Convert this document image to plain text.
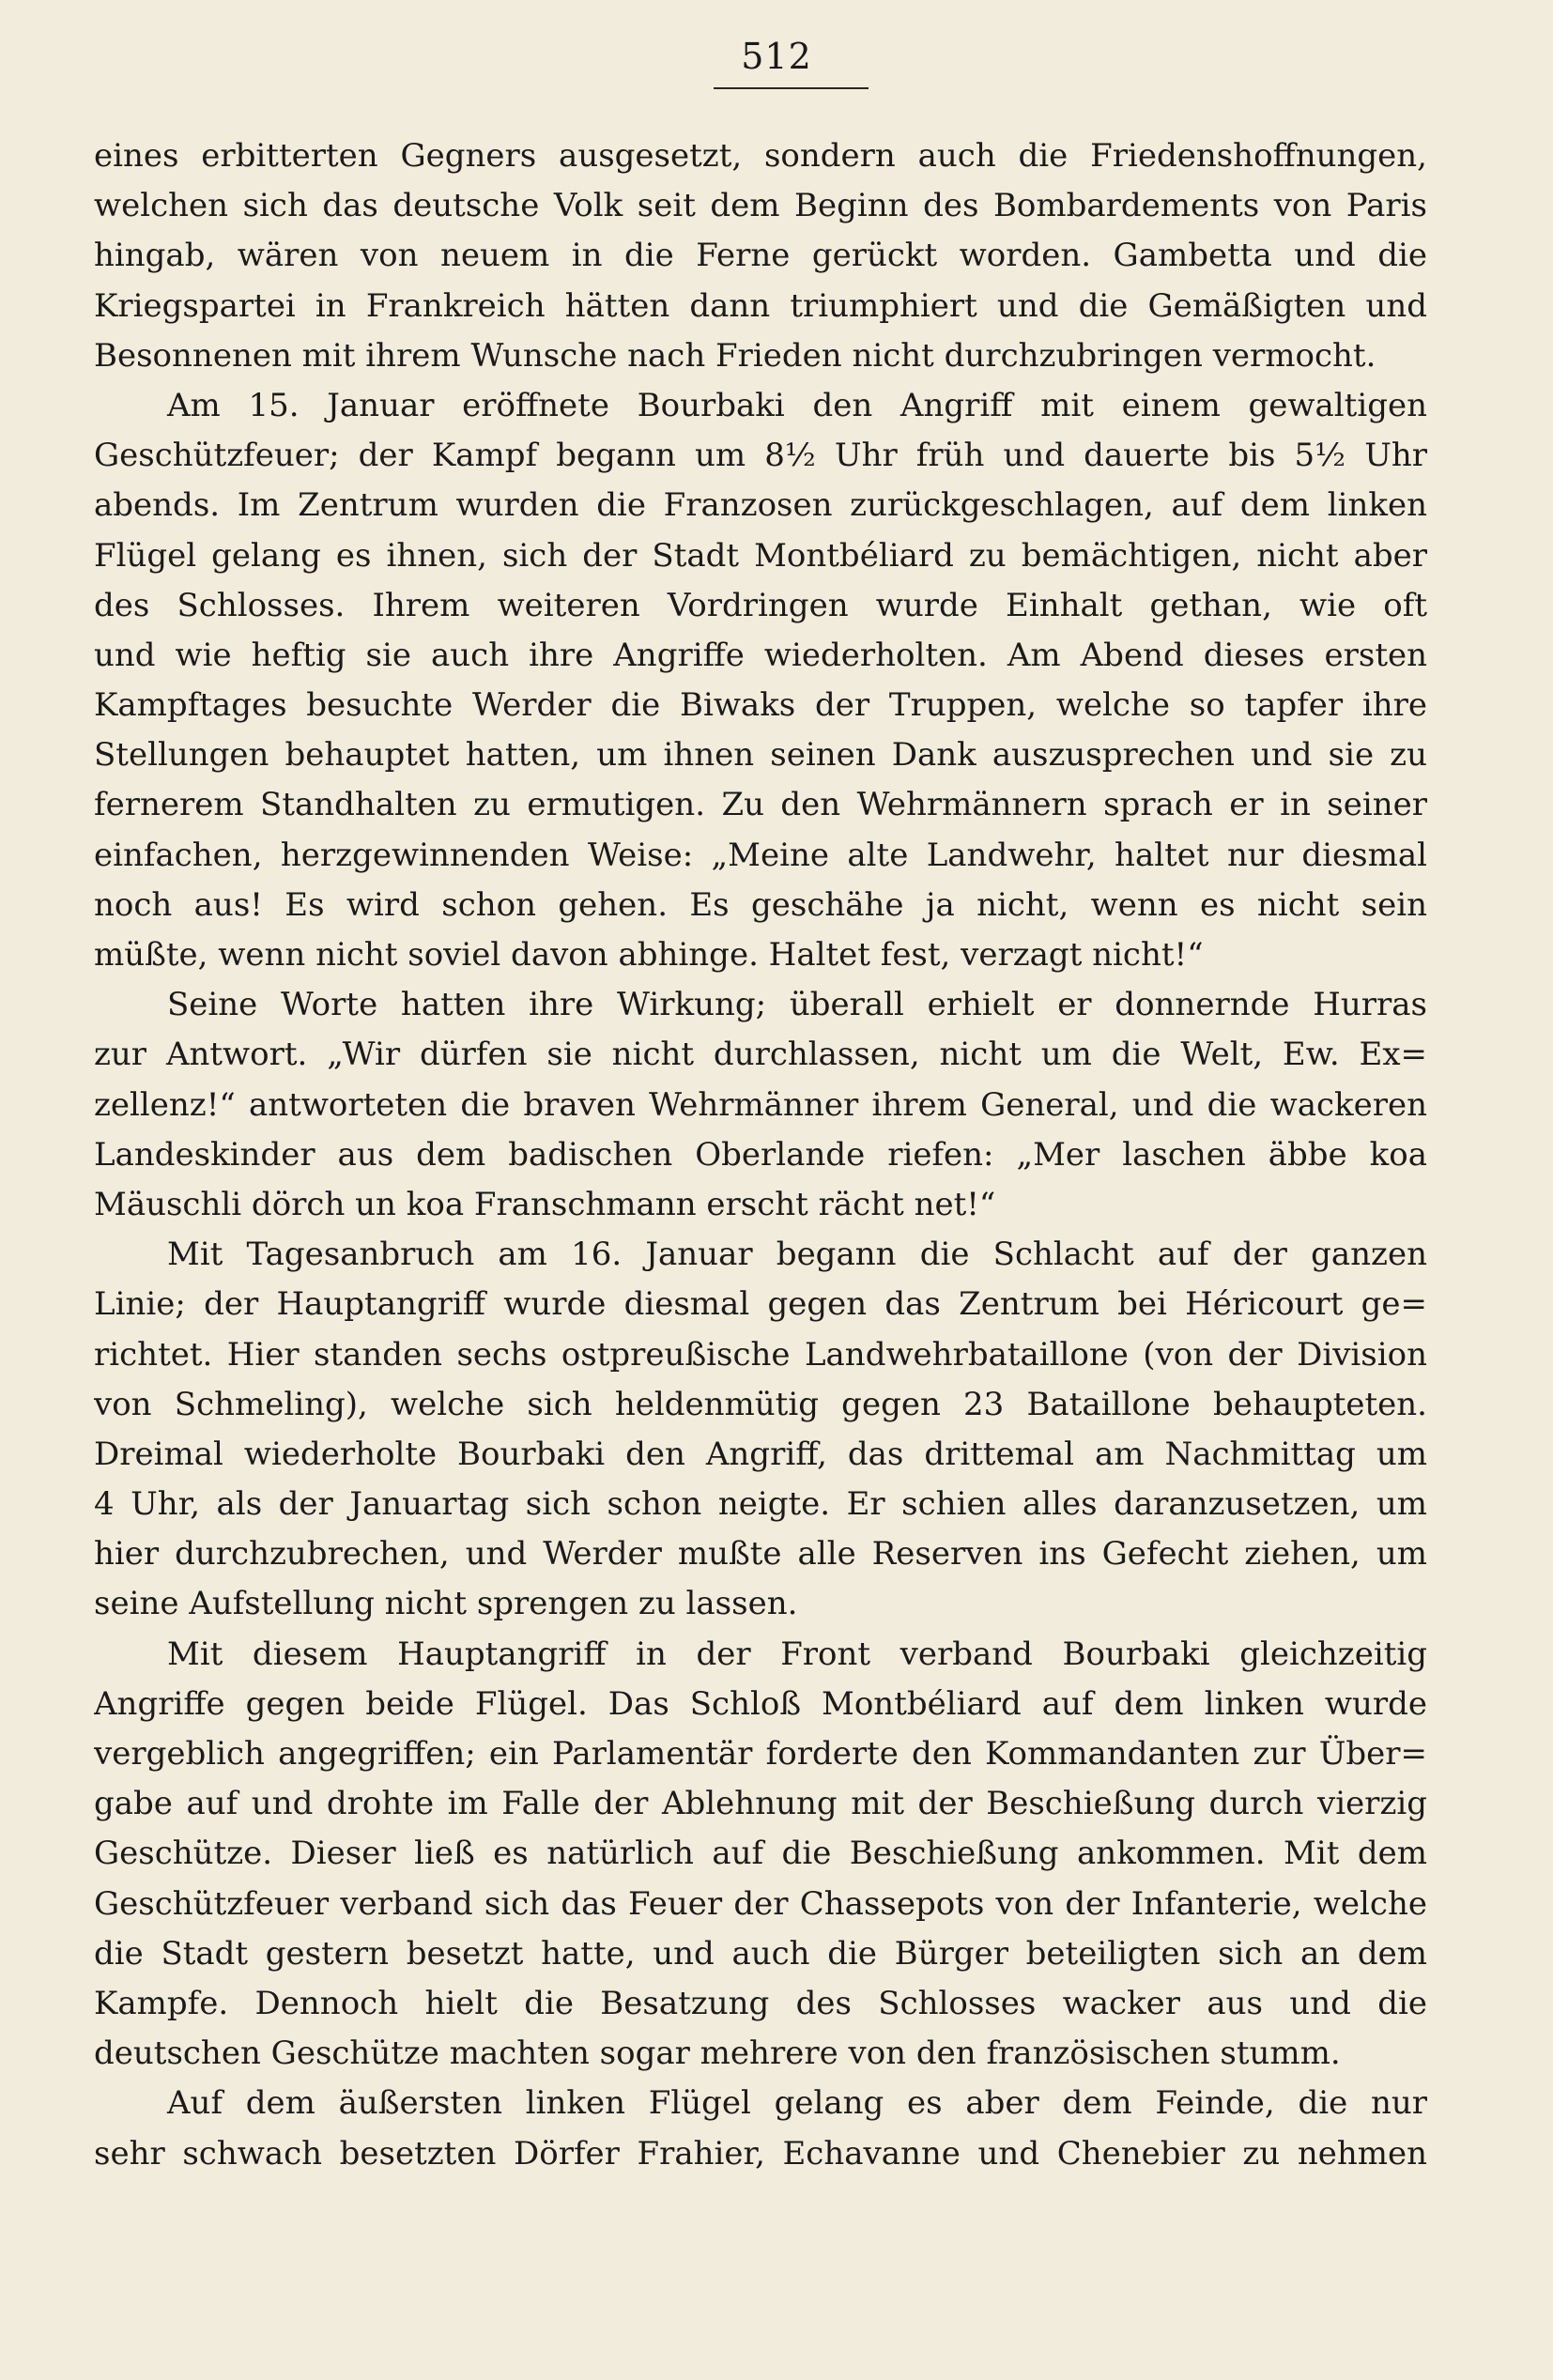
512

eines erbitterten Gegners ausgesetzt, sondern auch die Friedenshoffnungen,
welchen sich das deutsche Volk seit dem Beginn des Bombardements von Paris
hingab, wären von neuem in die Ferne gerückt worden. Gambetta und die
Kriegspartei in Frankreich hätten dann triumphiert und die Gemäßigten und
Besonnenen mit ihrem Wunsche nach Frieden nicht durchzubringen vermocht.

Am 15. Januar eröffnete Bourbaki den Angriff mit einem gewaltigen
Geschützfeuer; der Kampf begann um 8½ Uhr früh und dauerte bis 5½ Uhr
abends. Im Zentrum wurden die Franzosen zurückgeschlagen, auf dem linken
Flügel gelang es ihnen, sich der Stadt Montbéliard zu bemächtigen, nicht aber
des Schlosses. Ihrem weiteren Vordringen wurde Einhalt gethan, wie oft
und wie heftig sie auch ihre Angriffe wiederholten. Am Abend dieses ersten
Kampftages besuchte Werder die Biwaks der Truppen, welche so tapfer ihre
Stellungen behauptet hatten, um ihnen seinen Dank auszusprechen und sie zu
fernerem Standhalten zu ermutigen. Zu den Wehrmännern sprach er in seiner
einfachen, herzgewinnenden Weise: „Meine alte Landwehr, haltet nur diesmal
noch aus! Es wird schon gehen. Es geschähe ja nicht, wenn es nicht sein
müßte, wenn nicht soviel davon abhinge. Haltet fest, verzagt nicht!“

Seine Worte hatten ihre Wirkung; überall erhielt er donnernde Hurras
zur Antwort. „Wir dürfen sie nicht durchlassen, nicht um die Welt, Ew. Ex=
zellenz!“ antworteten die braven Wehrmänner ihrem General, und die wackeren
Landeskinder aus dem badischen Oberlande riefen: „Mer laschen äbbe koa
Mäuschli dörch un koa Franschmann erscht rächt net!“

Mit Tagesanbruch am 16. Januar begann die Schlacht auf der ganzen
Linie; der Hauptangriff wurde diesmal gegen das Zentrum bei Héricourt ge=
richtet. Hier standen sechs ostpreußische Landwehrbataillone (von der Division
von Schmeling), welche sich heldenmütig gegen 23 Bataillone behaupteten.
Dreimal wiederholte Bourbaki den Angriff, das drittemal am Nachmittag um
4 Uhr, als der Januartag sich schon neigte. Er schien alles daranzusetzen, um
hier durchzubrechen, und Werder mußte alle Reserven ins Gefecht ziehen, um
seine Aufstellung nicht sprengen zu lassen.

Mit diesem Hauptangriff in der Front verband Bourbaki gleichzeitig
Angriffe gegen beide Flügel. Das Schloß Montbéliard auf dem linken wurde
vergeblich angegriffen; ein Parlamentär forderte den Kommandanten zur Über=
gabe auf und drohte im Falle der Ablehnung mit der Beschießung durch vierzig
Geschütze. Dieser ließ es natürlich auf die Beschießung ankommen. Mit dem
Geschützfeuer verband sich das Feuer der Chassepots von der Infanterie, welche
die Stadt gestern besetzt hatte, und auch die Bürger beteiligten sich an dem
Kampfe. Dennoch hielt die Besatzung des Schlosses wacker aus und die
deutschen Geschütze machten sogar mehrere von den französischen stumm.

Auf dem äußersten linken Flügel gelang es aber dem Feinde, die nur
sehr schwach besetzten Dörfer Frahier, Echavanne und Chenebier zu nehmen
